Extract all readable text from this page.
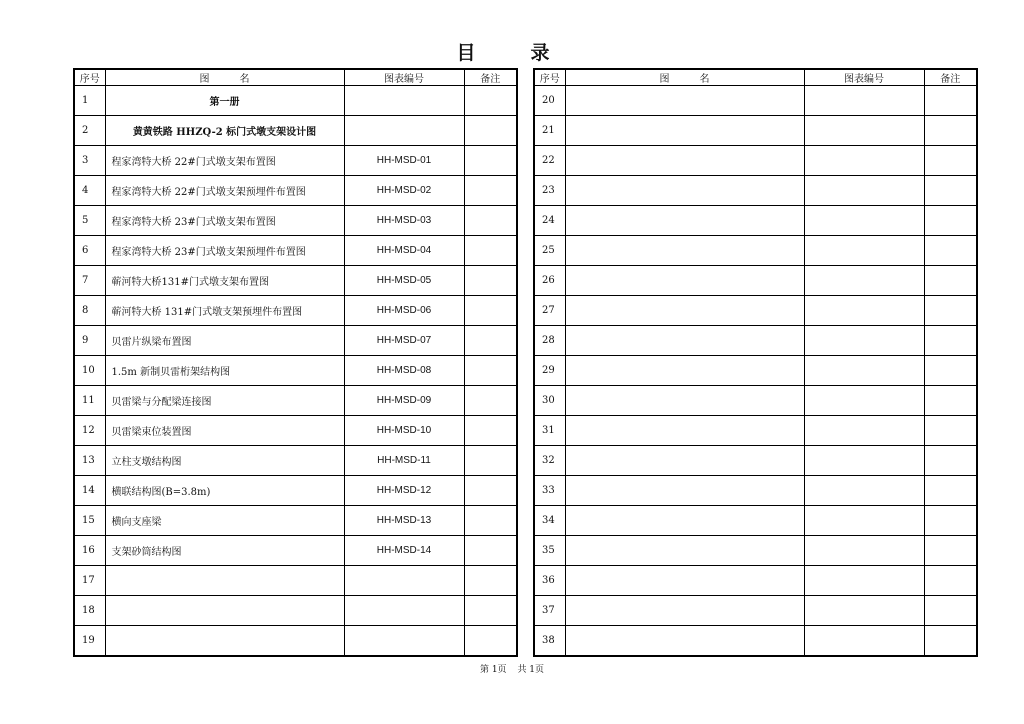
目　录
序号	图　　　名	图表编号	备注
1	第一册		
2	黄黄铁路 HHZQ-2 标门式墩支架设计图		
3	程家湾特大桥 22#门式墩支架布置图	HH-MSD-01	
4	程家湾特大桥 22#门式墩支架预埋件布置图	HH-MSD-02	
5	程家湾特大桥 23#门式墩支架布置图	HH-MSD-03	
6	程家湾特大桥 23#门式墩支架预埋件布置图	HH-MSD-04	
7	蕲河特大桥131#门式墩支架布置图	HH-MSD-05	
8	蕲河特大桥 131#门式墩支架预埋件布置图	HH-MSD-06	
9	贝雷片纵梁布置图	HH-MSD-07	
10	1.5m 新制贝雷桁架结构图	HH-MSD-08	
11	贝雷梁与分配梁连接图	HH-MSD-09	
12	贝雷梁束位装置图	HH-MSD-10	
13	立柱支墩结构图	HH-MSD-11	
14	横联结构图(B=3.8m)	HH-MSD-12	
15	横向支座梁	HH-MSD-13	
16	支架砂筒结构图	HH-MSD-14	
17			
18			
19			
序号	图　　　名	图表编号	备注
20			
21			
22			
23			
24			
25			
26			
27			
28			
29			
30			
31			
32			
33			
34			
35			
36			
37			
38			
第 1页 共 1页
